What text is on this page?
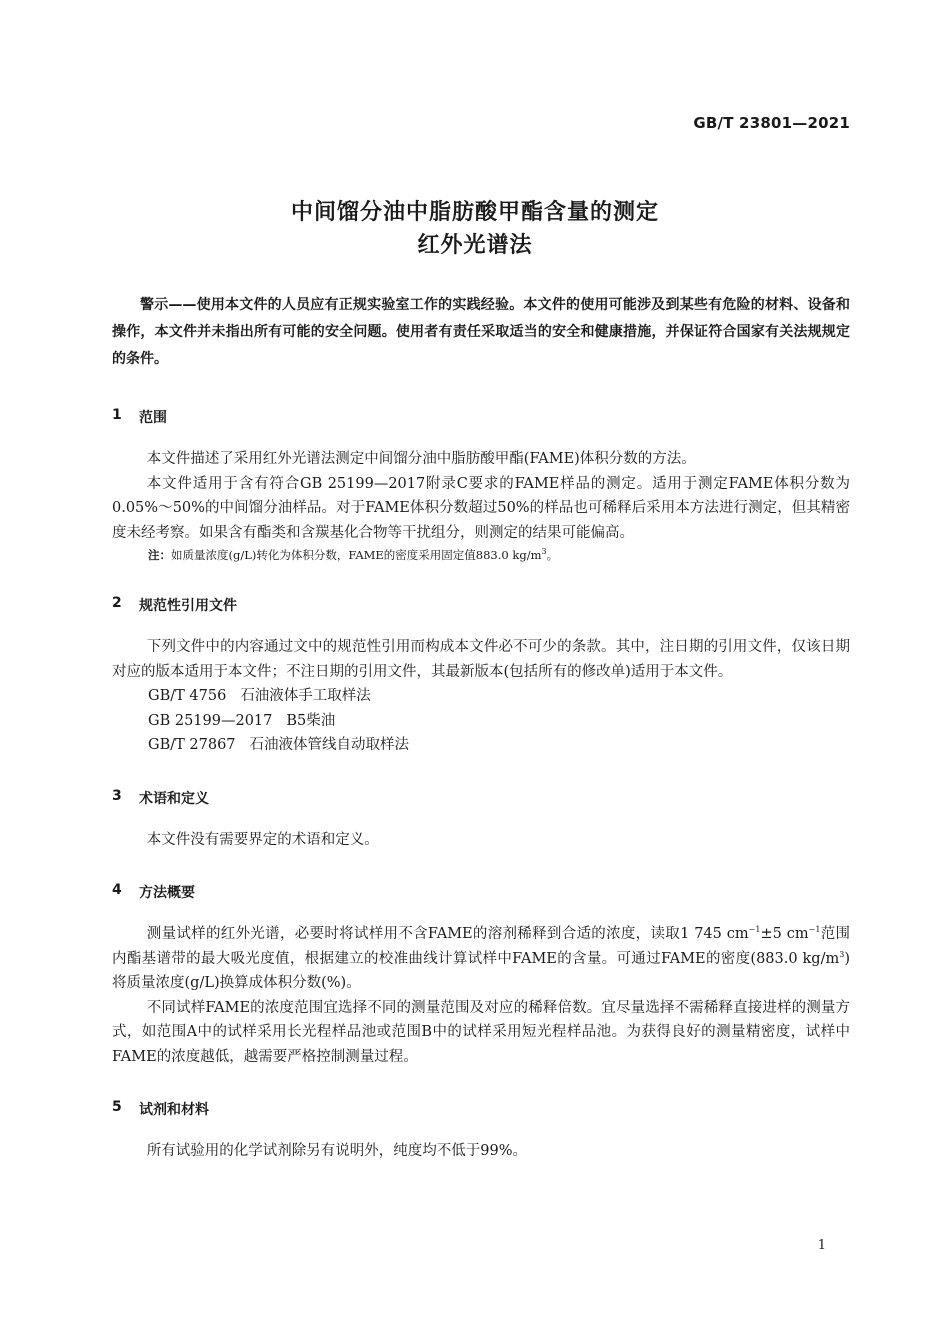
GB/T 23801—2021
中间馏分油中脂肪酸甲酯含量的测定
红外光谱法

警示——使用本文件的人员应有正规实验室工作的实践经验。本文件的使用可能涉及到某些有危险的材料、设备和操作，本文件并未指出所有可能的安全问题。使用者有责任采取适当的安全和健康措施，并保证符合国家有关法规规定的条件。

1	范围

本文件描述了采用红外光谱法测定中间馏分油中脂肪酸甲酯(FAME)体积分数的方法。

本文件适用于含有符合GB 25199—2017附录C要求的FAME样品的测定。适用于测定FAME体积分数为0.05%～50%的中间馏分油样品。对于FAME体积分数超过50%的样品也可稀释后采用本方法进行测定，但其精密度未经考察。如果含有酯类和含羰基化合物等干扰组分，则测定的结果可能偏高。

注：如质量浓度(g/L)转化为体积分数，FAME的密度采用固定值883.0 $kg/m^3$。

2	规范性引用文件

下列文件中的内容通过文中的规范性引用而构成本文件必不可少的条款。其中，注日期的引用文件，仅该日期对应的版本适用于本文件；不注日期的引用文件，其最新版本(包括所有的修改单)适用于本文件。

GB/T 4756 石油液体手工取样法

GB 25199—2017 B5柴油

GB/T 27867 石油液体管线自动取样法

3	术语和定义

本文件没有需要界定的术语和定义。

4	方法概要

测量试样的红外光谱，必要时将试样用不含FAME的溶剂稀释到合适的浓度，读取1 745 $cm^{-1}\pm 5$ $cm^{-1}$范围内酯基谱带的最大吸光度值，根据建立的校准曲线计算试样中FAME的含量。可通过FAME的密度(883.0 $kg/m^3$)将质量浓度(g/L)换算成体积分数(%)。

不同试样FAME的浓度范围宜选择不同的测量范围及对应的稀释倍数。宜尽量选择不需稀释直接进样的测量方式，如范围A中的试样采用长光程样品池或范围B中的试样采用短光程样品池。为获得良好的测量精密度，试样中FAME的浓度越低，越需要严格控制测量过程。

5	试剂和材料

所有试验用的化学试剂除另有说明外，纯度均不低于99%。

1
